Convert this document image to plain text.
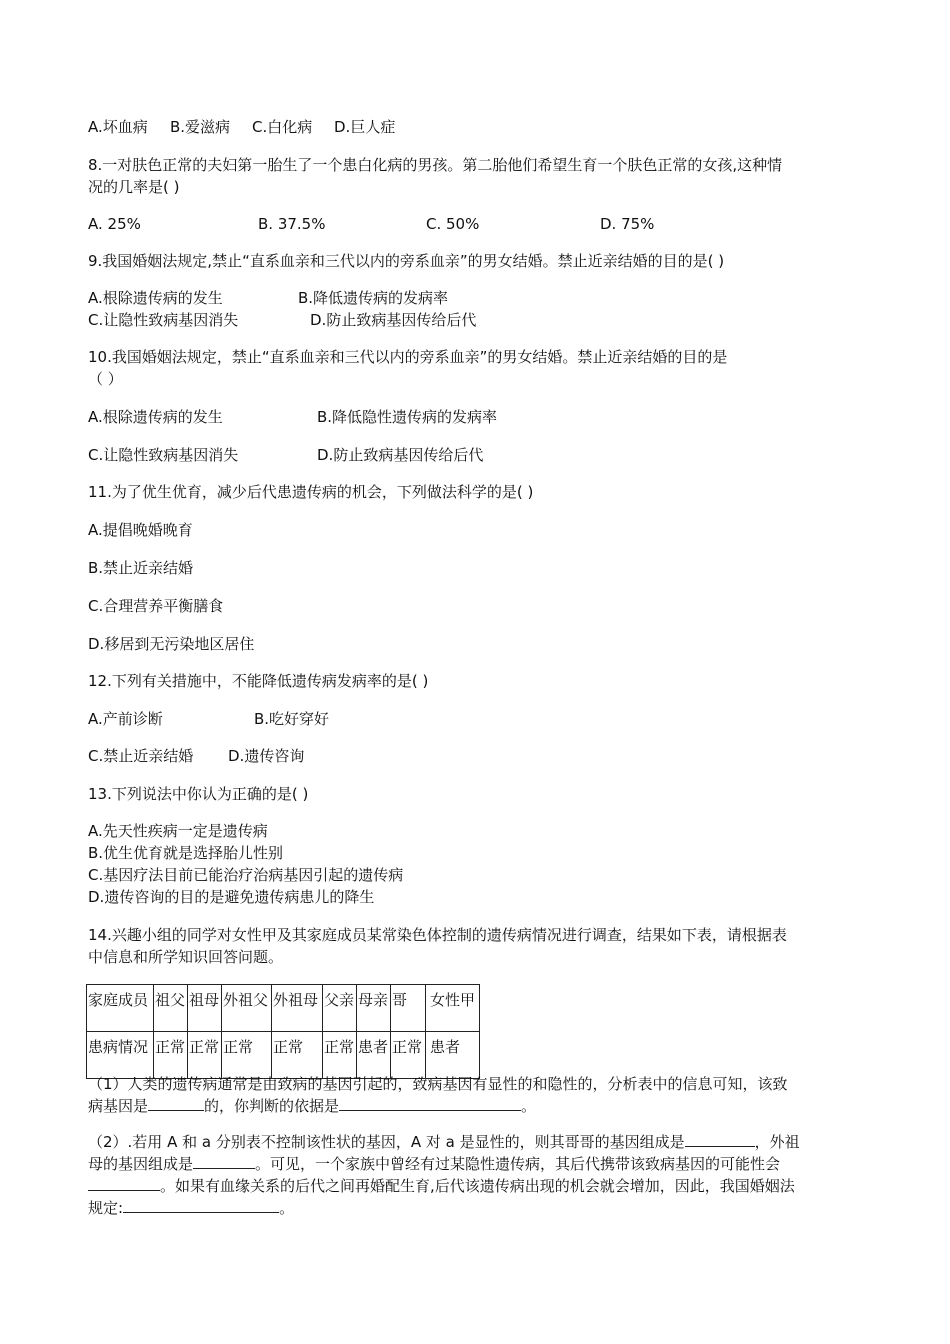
A.坏血病 B.爱滋病 C.白化病 D.巨人症
8.一对肤色正常的夫妇第一胎生了一个患白化病的男孩。第二胎他们希望生育一个肤色正常的女孩,这种情
况的几率是( )
A. 25%	B. 37.5%	C. 50%	D. 75%
9.我国婚姻法规定,禁止“直系血亲和三代以内的旁系血亲”的男女结婚。禁止近亲结婚的目的是( )
A.根除遗传病的发生	B.降低遗传病的发病率
C.让隐性致病基因消失	D.防止致病基因传给后代
10.我国婚姻法规定，禁止“直系血亲和三代以内的旁系血亲”的男女结婚。禁止近亲结婚的目的是
（ ）
A.根除遗传病的发生	B.降低隐性遗传病的发病率
C.让隐性致病基因消失	D.防止致病基因传给后代
11.为了优生优育，减少后代患遗传病的机会，下列做法科学的是( )
A.提倡晚婚晚育
B.禁止近亲结婚
C.合理营养平衡膳食
D.移居到无污染地区居住
12.下列有关措施中，不能降低遗传病发病率的是( )
A.产前诊断	B.吃好穿好
C.禁止近亲结婚 D.遗传咨询
13.下列说法中你认为正确的是( )
A.先天性疾病一定是遗传病
B.优生优育就是选择胎儿性别
C.基因疗法目前已能治疗治病基因引起的遗传病
D.遗传咨询的目的是避免遗传病患儿的降生
14.兴趣小组的同学对女性甲及其家庭成员某常染色体控制的遗传病情况进行调查，结果如下表，请根据表
中信息和所学知识回答问题。
家庭成员	祖父	祖母	外祖父	外祖母	父亲	母亲	哥	女性甲
患病情况	正常	正常	正常	正常	正常	患者	正常	患者
（1）人类的遗传病通常是由致病的基因引起的，致病基因有显性的和隐性的，分析表中的信息可知，该致
病基因是	的，你判断的依据是	。
（2）.若用 A 和 a 分别表不控制该性状的基因，A 对 a 是显性的，则其哥哥的基因组成是	，外祖
母的基因组成是	。可见，一个家族中曾经有过某隐性遗传病，其后代携带该致病基因的可能性会
。如果有血缘关系的后代之间再婚配生育,后代该遗传病出现的机会就会增加，因此，我国婚姻法
规定:	。
